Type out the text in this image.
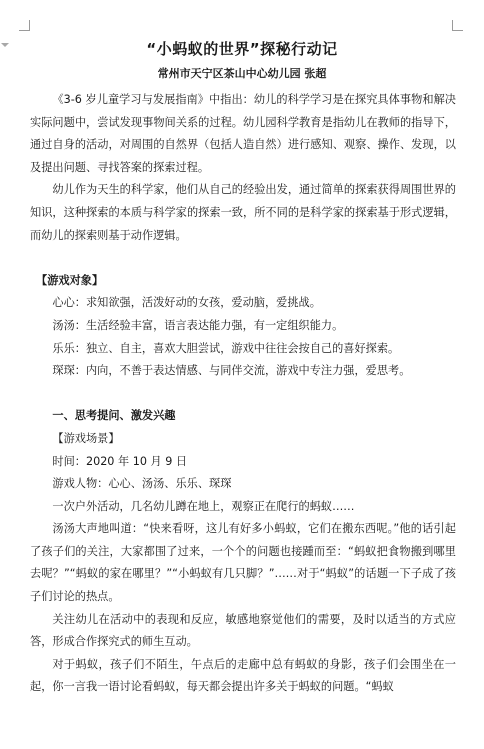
“小蚂蚁的世界”探秘行动记
常州市天宁区茶山中心幼儿园 张超

《3-6 岁儿童学习与发展指南》中指出：幼儿的科学学习是在探究具体事物和解决实际问题中，尝试发现事物间关系的过程。幼儿园科学教育是指幼儿在教师的指导下，通过自身的活动，对周围的自然界（包括人造自然）进行感知、观察、操作、发现，以及提出问题、寻找答案的探索过程。

幼儿作为天生的科学家，他们从自己的经验出发，通过简单的探索获得周围世界的知识，这种探索的本质与科学家的探索一致，所不同的是科学家的探索基于形式逻辑，而幼儿的探索则基于动作逻辑。

【游戏对象】

心心：求知欲强，活泼好动的女孩，爱动脑，爱挑战。

汤汤：生活经验丰富，语言表达能力强，有一定组织能力。

乐乐：独立、自主，喜欢大胆尝试，游戏中往往会按自己的喜好探索。

琛琛：内向，不善于表达情感、与同伴交流，游戏中专注力强，爱思考。

一、思考提问、激发兴趣

【游戏场景】

时间：2020 年 10 月 9 日

游戏人物：心心、汤汤、乐乐、琛琛

一次户外活动，几名幼儿蹲在地上，观察正在爬行的蚂蚁……

汤汤大声地叫道：“快来看呀，这儿有好多小蚂蚁，它们在搬东西呢。”他的话引起了孩子们的关注，大家都围了过来，一个个的问题也接踵而至：“蚂蚁把食物搬到哪里去呢？”“蚂蚁的家在哪里？”“小蚂蚁有几只脚？”……对于“蚂蚁”的话题一下子成了孩子们讨论的热点。

关注幼儿在活动中的表现和反应，敏感地察觉他们的需要，及时以适当的方式应答，形成合作探究式的师生互动。

对于蚂蚁，孩子们不陌生，午点后的走廊中总有蚂蚁的身影，孩子们会围坐在一起，你一言我一语讨论看蚂蚁，每天都会提出许多关于蚂蚁的问题。“蚂蚁
